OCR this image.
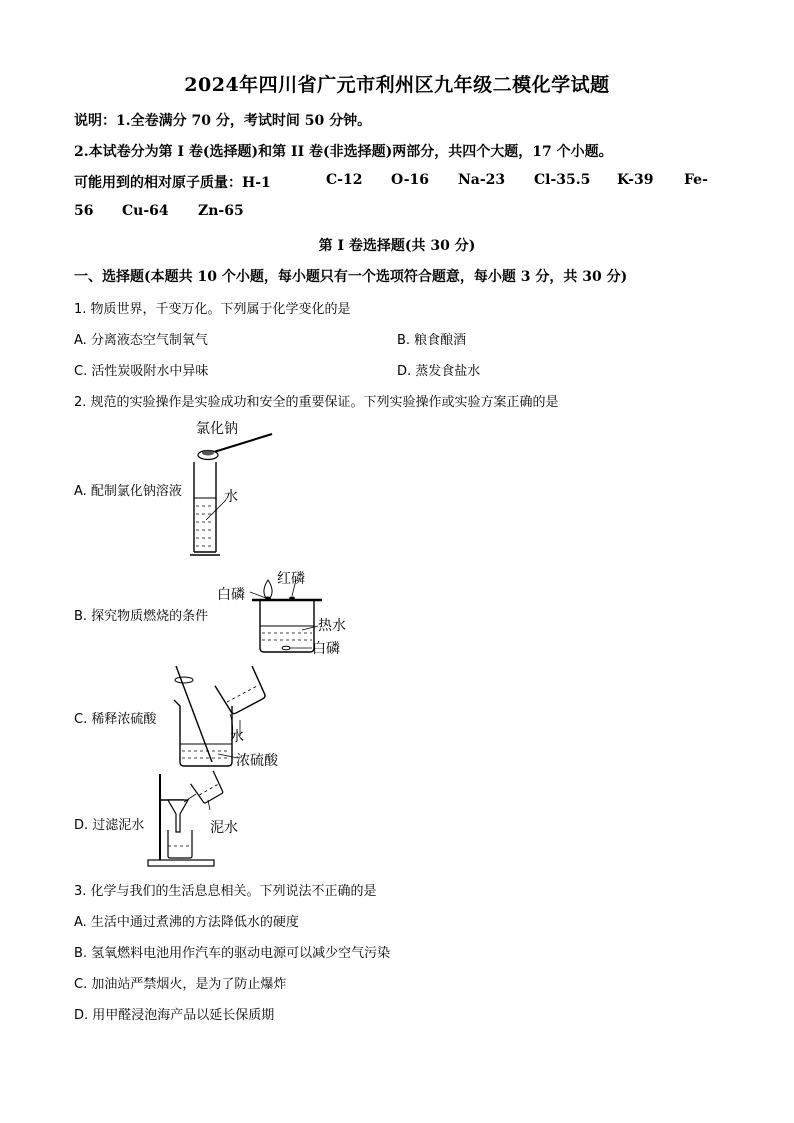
2024年四川省广元市利州区九年级二模化学试题
说明：1.全卷满分 70 分，考试时间 50 分钟。
2.本试卷分为第 I 卷(选择题)和第 II 卷(非选择题)两部分，共四个大题，17 个小题。
可能用到的相对原子质量：H-1	C-12 O-16 Na-23 Cl-35.5 K-39 Fe-
56 Cu-64 Zn-65
第 I 卷选择题(共 30 分)
一、选择题(本题共 10 个小题，每小题只有一个选项符合题意，每小题 3 分，共 30 分)
1. 物质世界，千变万化。下列属于化学变化的是
A. 分离液态空气制氧气	B. 粮食酿酒
C. 活性炭吸附水中异味	D. 蒸发食盐水
2. 规范的实验操作是实验成功和安全的重要保证。下列实验操作或实验方案正确的是
A. 配制氯化钠溶液
氯化钠
水
B. 探究物质燃烧的条件
白磷
红磷
热水
白磷
C. 稀释浓硫酸
水
浓硫酸
D. 过滤泥水	泥水
3. 化学与我们的生活息息相关。下列说法不正确的是
A. 生活中通过煮沸的方法降低水的硬度
B. 氢氧燃料电池用作汽车的驱动电源可以减少空气污染
C. 加油站严禁烟火，是为了防止爆炸
D. 用甲醛浸泡海产品以延长保质期
